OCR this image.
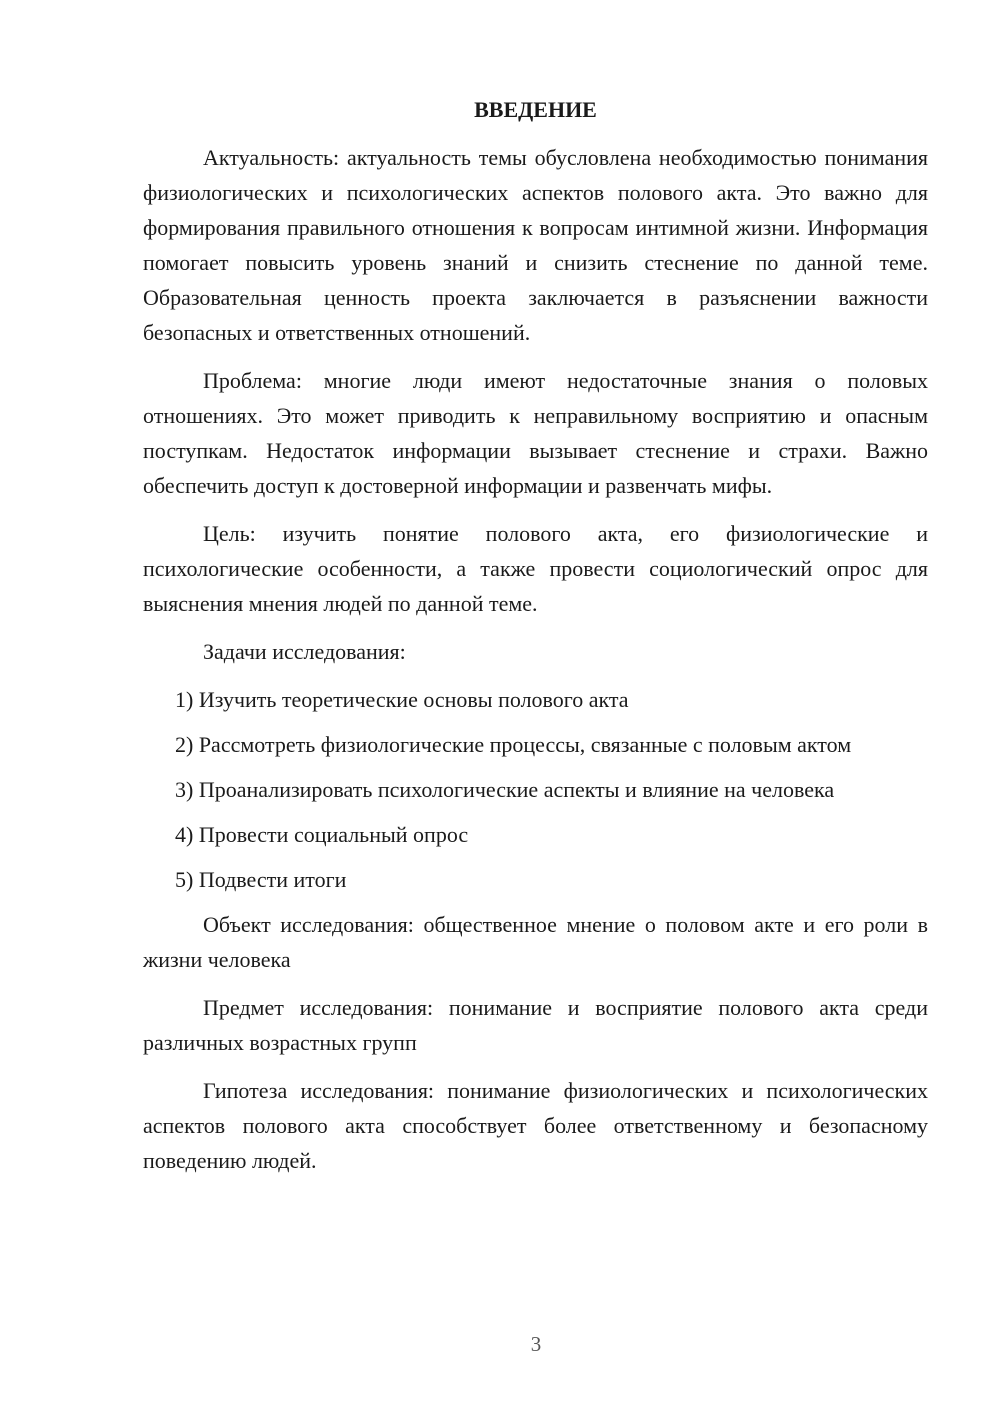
ВВЕДЕНИЕ

Актуальность: актуальность темы обусловлена необходимостью понимания физиологических и психологических аспектов полового акта. Это важно для формирования правильного отношения к вопросам интимной жизни. Информация помогает повысить уровень знаний и снизить стеснение по данной теме. Образовательная ценность проекта заключается в разъяснении важности безопасных и ответственных отношений.

Проблема: многие люди имеют недостаточные знания о половых отношениях. Это может приводить к неправильному восприятию и опасным поступкам. Недостаток информации вызывает стеснение и страхи. Важно обеспечить доступ к достоверной информации и развенчать мифы.

Цель: изучить понятие полового акта, его физиологические и психологические особенности, а также провести социологический опрос для выяснения мнения людей по данной теме.

Задачи исследования:

1) Изучить теоретические основы полового акта

2) Рассмотреть физиологические процессы, связанные с половым актом

3) Проанализировать психологические аспекты и влияние на человека

4) Провести социальный опрос

5) Подвести итоги

Объект исследования: общественное мнение о половом акте и его роли в жизни человека

Предмет исследования: понимание и восприятие полового акта среди различных возрастных групп

Гипотеза исследования: понимание физиологических и психологических аспектов полового акта способствует более ответственному и безопасному поведению людей.

3
